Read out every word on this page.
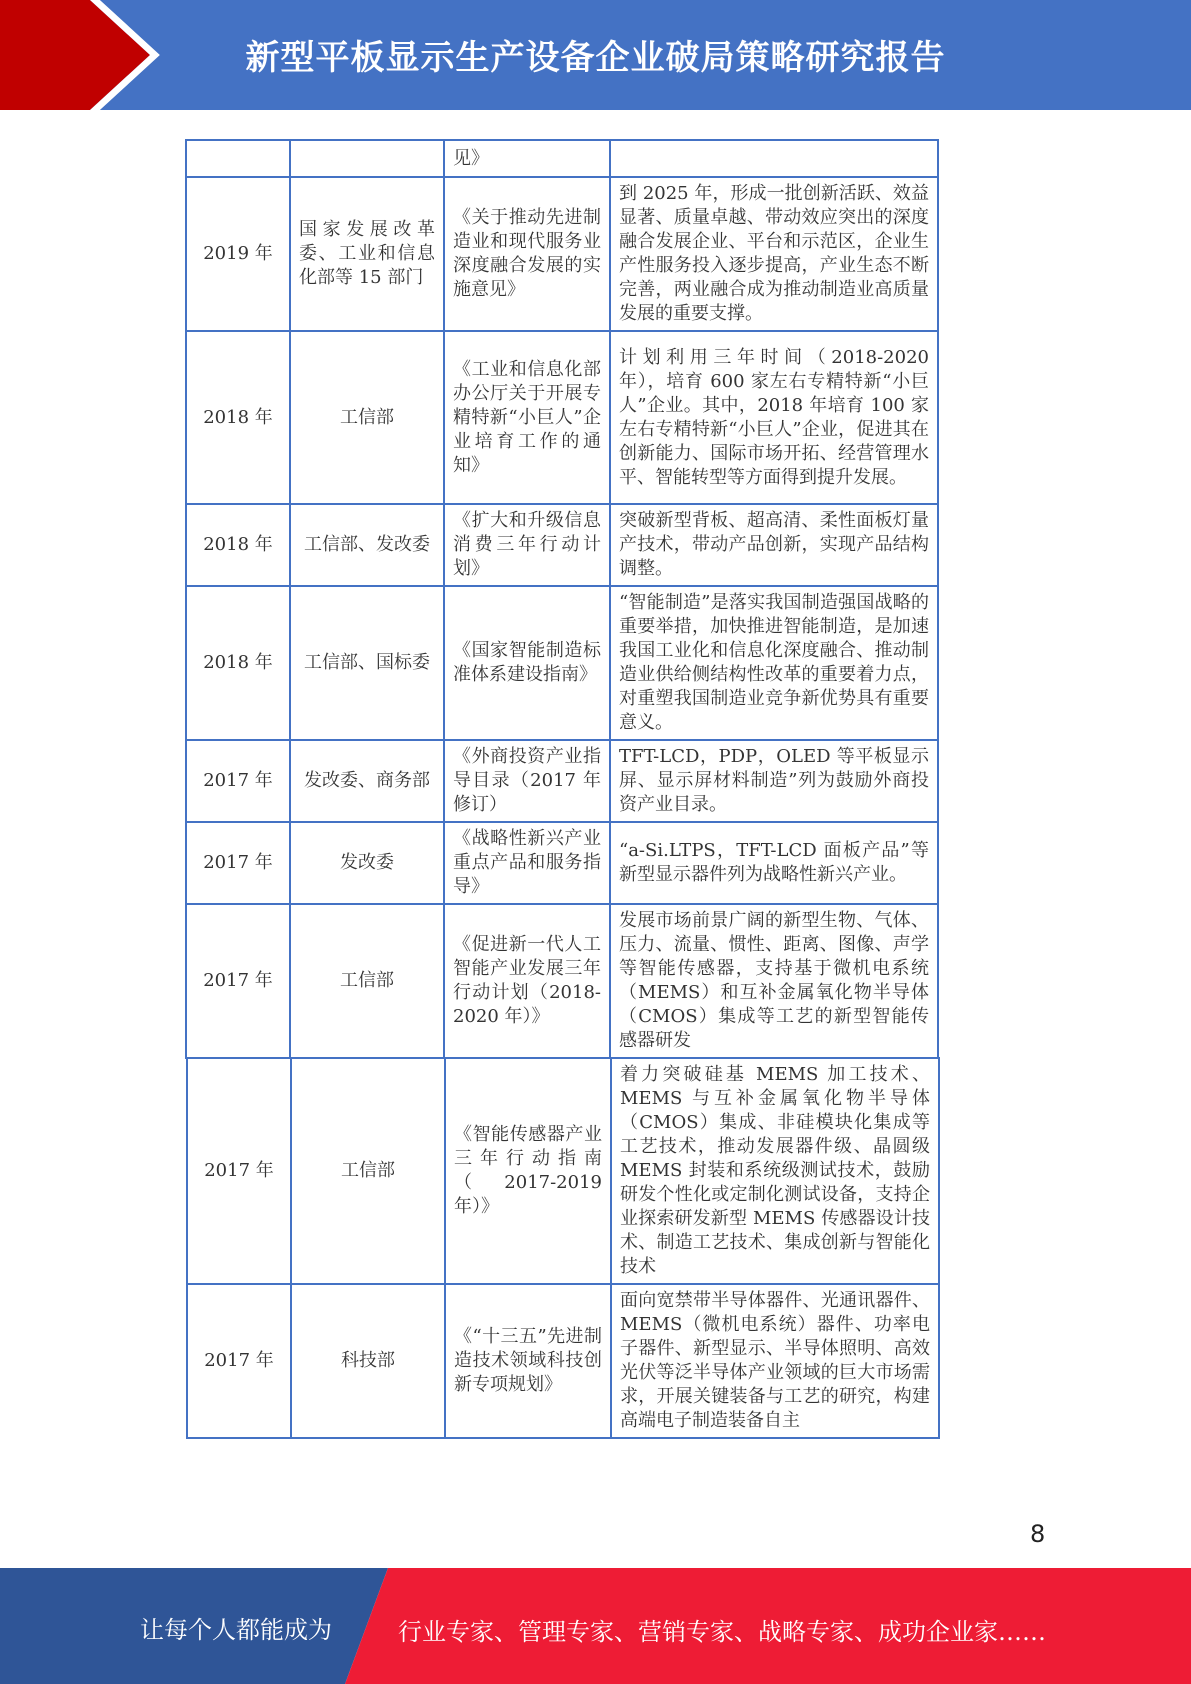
新型平板显示生产设备企业破局策略研究报告
		见》	
2019 年	国家发展改革委、工业和信息化部等 15 部门	《关于推动先进制造业和现代服务业深度融合发展的实施意见》	到 2025 年，形成一批创新活跃、效益显著、质量卓越、带动效应突出的深度融合发展企业、平台和示范区，企业生产性服务投入逐步提高，产业生态不断完善，两业融合成为推动制造业高质量发展的重要支撑。
2018 年	工信部	《工业和信息化部办公厅关于开展专精特新“小巨人”企业培育工作的通知》	计划利用三年时间（2018-2020 年），培育 600 家左右专精特新“小巨人”企业。其中，2018 年培育 100 家左右专精特新“小巨人”企业，促进其在创新能力、国际市场开拓、经营管理水平、智能转型等方面得到提升发展。
2018 年	工信部、发改委	《扩大和升级信息消费三年行动计划》	突破新型背板、超高清、柔性面板灯量产技术，带动产品创新，实现产品结构调整。
2018 年	工信部、国标委	《国家智能制造标准体系建设指南》	“智能制造”是落实我国制造强国战略的重要举措，加快推进智能制造，是加速我国工业化和信息化深度融合、推动制造业供给侧结构性改革的重要着力点，对重塑我国制造业竞争新优势具有重要意义。
2017 年	发改委、商务部	《外商投资产业指导目录（2017 年修订）	TFT-LCD，PDP，OLED 等平板显示屏、显示屏材料制造”列为鼓励外商投资产业目录。
2017 年	发改委	《战略性新兴产业重点产品和服务指导》	“a-Si.LTPS，TFT-LCD 面板产品”等新型显示器件列为战略性新兴产业。
2017 年	工信部	《促进新一代人工智能产业发展三年行动计划（2018-2020 年）》	发展市场前景广阔的新型生物、气体、压力、流量、惯性、距离、图像、声学等智能传感器，支持基于微机电系统（MEMS）和互补金属氧化物半导体（CMOS）集成等工艺的新型智能传感器研发
2017 年	工信部	《智能传感器产业三年行动指南（2017-2019 年）》	着力突破硅基 MEMS 加工技术、MEMS 与互补金属氧化物半导体（CMOS）集成、非硅模块化集成等工艺技术，推动发展器件级、晶圆级 MEMS 封装和系统级测试技术，鼓励研发个性化或定制化测试设备，支持企业探索研发新型 MEMS 传感器设计技术、制造工艺技术、集成创新与智能化技术
2017 年	科技部	《“十三五”先进制造技术领域科技创新专项规划》	面向宽禁带半导体器件、光通讯器件、MEMS（微机电系统）器件、功率电子器件、新型显示、半导体照明、高效光伏等泛半导体产业领域的巨大市场需求，开展关键装备与工艺的研究，构建高端电子制造装备自主
8
让每个人都能成为	行业专家、管理专家、营销专家、战略专家、成功企业家……
